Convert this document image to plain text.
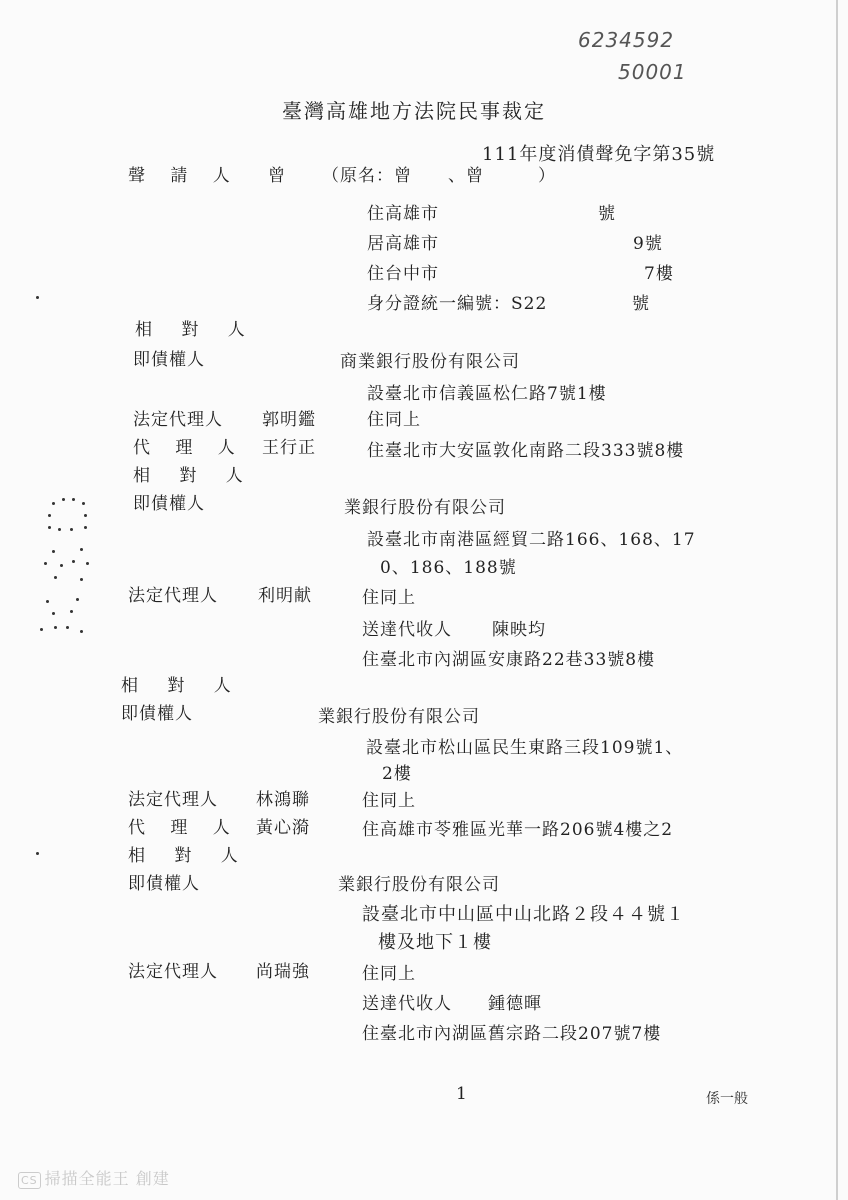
6234592
50001
臺灣高雄地方法院民事裁定
111年度消債聲免字第35號
聲 請 人 曾 （原名：曾 、曾	）
住高雄市	號
居高雄市	9號
住台中市	7樓
身分證統一編號：S22	號
相 對 人
即債權人	商業銀行股份有限公司
設臺北市信義區松仁路7號1樓
法定代理人 郭明鑑	住同上
代 理 人 王行正	住臺北市大安區敦化南路二段333號8樓
相 對 人
即債權人	業銀行股份有限公司
設臺北市南港區經貿二路166、168、17
0、186、188號
法定代理人 利明献	住同上
送達代收人 陳映均
住臺北市內湖區安康路22巷33號8樓
相 對 人
即債權人	業銀行股份有限公司
設臺北市松山區民生東路三段109號1、
2樓
法定代理人 林鴻聯	住同上
代 理 人 黃心漪	住高雄市苓雅區光華一路206號4樓之2
相 對 人
即債權人	業銀行股份有限公司
設臺北市中山區中山北路２段４４號１
樓及地下１樓
法定代理人 尚瑞強	住同上
送達代收人 鍾德暉
住臺北市內湖區舊宗路二段207號7樓
1	係一般
CS 掃描全能王 創建
